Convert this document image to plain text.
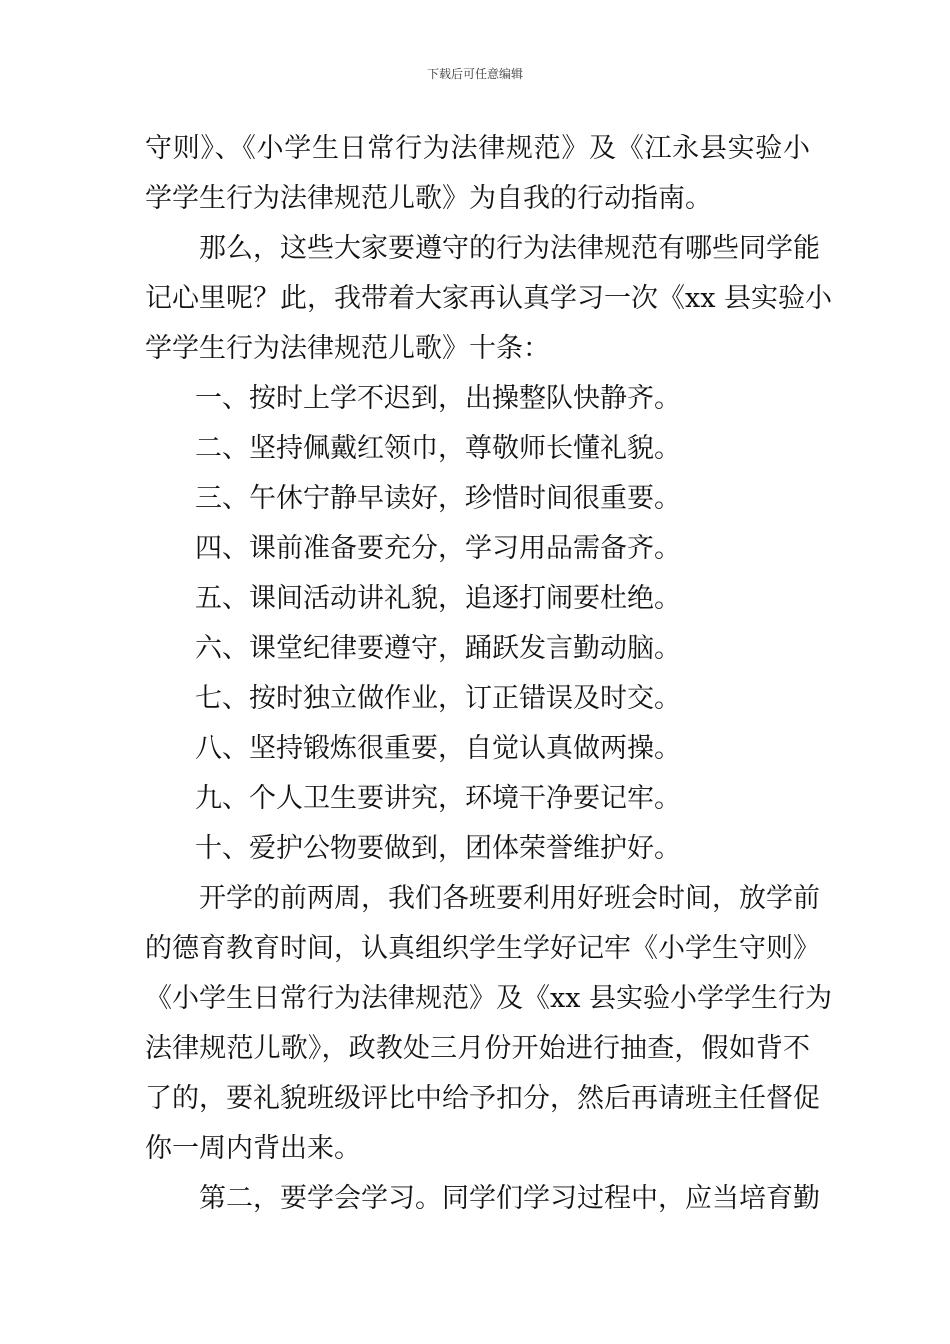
下载后可任意编辑
守则》、《小学生日常行为法律规范》及《江永县实验小
学学生行为法律规范儿歌》为自我的行动指南。
那么，这些大家要遵守的行为法律规范有哪些同学能
记心里呢？此，我带着大家再认真学习一次《xx 县实验小
学学生行为法律规范儿歌》十条：
一、按时上学不迟到，出操整队快静齐。
二、坚持佩戴红领巾，尊敬师长懂礼貌。
三、午休宁静早读好，珍惜时间很重要。
四、课前准备要充分，学习用品需备齐。
五、课间活动讲礼貌，追逐打闹要杜绝。
六、课堂纪律要遵守，踊跃发言勤动脑。
七、按时独立做作业，订正错误及时交。
八、坚持锻炼很重要，自觉认真做两操。
九、个人卫生要讲究，环境干净要记牢。
十、爱护公物要做到，团体荣誉维护好。
开学的前两周，我们各班要利用好班会时间，放学前
的德育教育时间，认真组织学生学好记牢《小学生守则》
《小学生日常行为法律规范》及《xx 县实验小学学生行为
法律规范儿歌》，政教处三月份开始进行抽查，假如背不
了的，要礼貌班级评比中给予扣分，然后再请班主任督促
你一周内背出来。
第二，要学会学习。同学们学习过程中，应当培育勤
